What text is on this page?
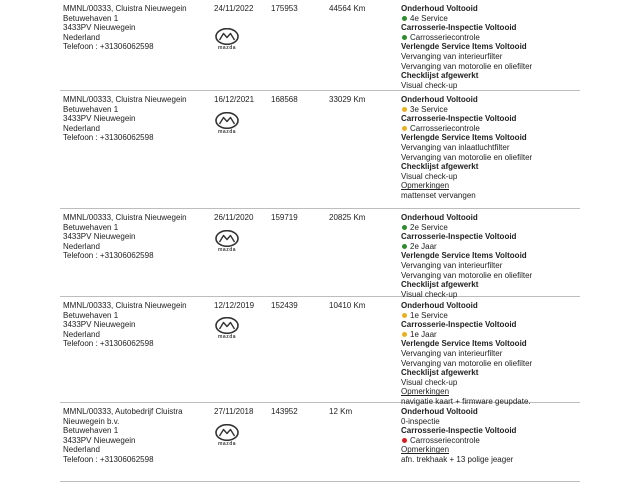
MMNL/00333, Cluistra Nieuwegein
Betuwehaven 1
3433PV Nieuwegein
Nederland
Telefoon : +31306062598
24/11/2022 175953	44564 Km
mazda
Onderhoud Voltooid
4e Service
Carrosserie-Inspectie Voltooid
Carrosseriecontrole
Verlengde Service Items Voltooid
Vervanging van interieurfilter
Vervanging van motorolie en oliefilter
Checklijst afgewerkt
Visual check-up
MMNL/00333, Cluistra Nieuwegein
Betuwehaven 1
3433PV Nieuwegein
Nederland
Telefoon : +31306062598
16/12/2021 168568	33029 Km
mazda
Onderhoud Voltooid
3e Service
Carrosserie-Inspectie Voltooid
Carrosseriecontrole
Verlengde Service Items Voltooid
Vervanging van inlaatluchtfilter
Vervanging van motorolie en oliefilter
Checklijst afgewerkt
Visual check-up
Opmerkingen
mattenset vervangen
MMNL/00333, Cluistra Nieuwegein
Betuwehaven 1
3433PV Nieuwegein
Nederland
Telefoon : +31306062598
26/11/2020 159719	20825 Km
mazda
Onderhoud Voltooid
2e Service
Carrosserie-Inspectie Voltooid
2e Jaar
Verlengde Service Items Voltooid
Vervanging van interieurfilter
Vervanging van motorolie en oliefilter
Checklijst afgewerkt
Visual check-up
MMNL/00333, Cluistra Nieuwegein
Betuwehaven 1
3433PV Nieuwegein
Nederland
Telefoon : +31306062598
12/12/2019 152439	10410 Km
mazda
Onderhoud Voltooid
1e Service
Carrosserie-Inspectie Voltooid
1e Jaar
Verlengde Service Items Voltooid
Vervanging van interieurfilter
Vervanging van motorolie en oliefilter
Checklijst afgewerkt
Visual check-up
Opmerkingen
navigatie kaart + firmware geupdate.
MMNL/00333, Autobedrijf Cluistra
Nieuwegein b.v.
Betuwehaven 1
3433PV Nieuwegein
Nederland
Telefoon : +31306062598
27/11/2018 143952	12 Km
mazda
Onderhoud Voltooid
0-inspectie
Carrosserie-Inspectie Voltooid
Carrosseriecontrole
Opmerkingen
afn. trekhaak + 13 polige jeager
